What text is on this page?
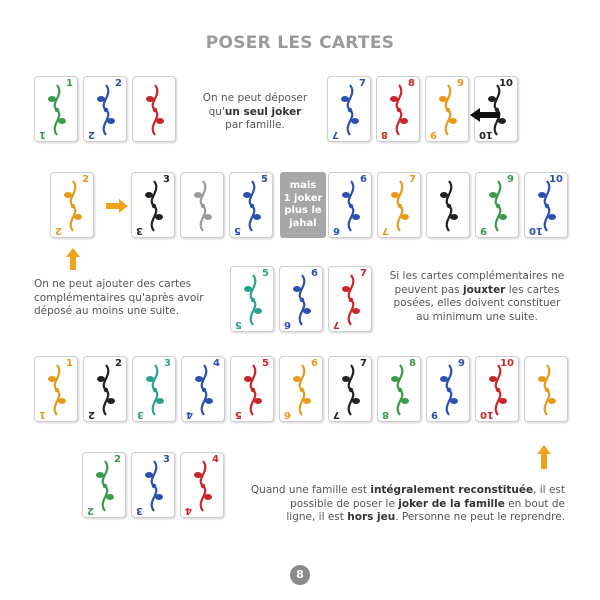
POSER LES CARTES
1
1
2
2
On ne peut déposer
qu'un seul joker
par famille.
7
7
8
8
9
9
10
10
2
2
3
3
5
5
6
6
7
7
9
9
10
10
mais
1 joker
plus le
jahal
On ne peut ajouter des cartes
complémentaires qu'après avoir
déposé au moins une suite.
5
5
6
6
7
7
Si les cartes complémentaires ne
peuvent pas jouxter les cartes
posées, elles doivent constituer
au minimum une suite.
1
1
2
2
3
3
4
4
5
5
6
6
7
7
8
8
9
9
10
10
2
2
3
3
4
4
Quand une famille est intégralement reconstituée, il est
possible de poser le joker de la famille en bout de
ligne, il est hors jeu. Personne ne peut le reprendre.
8
